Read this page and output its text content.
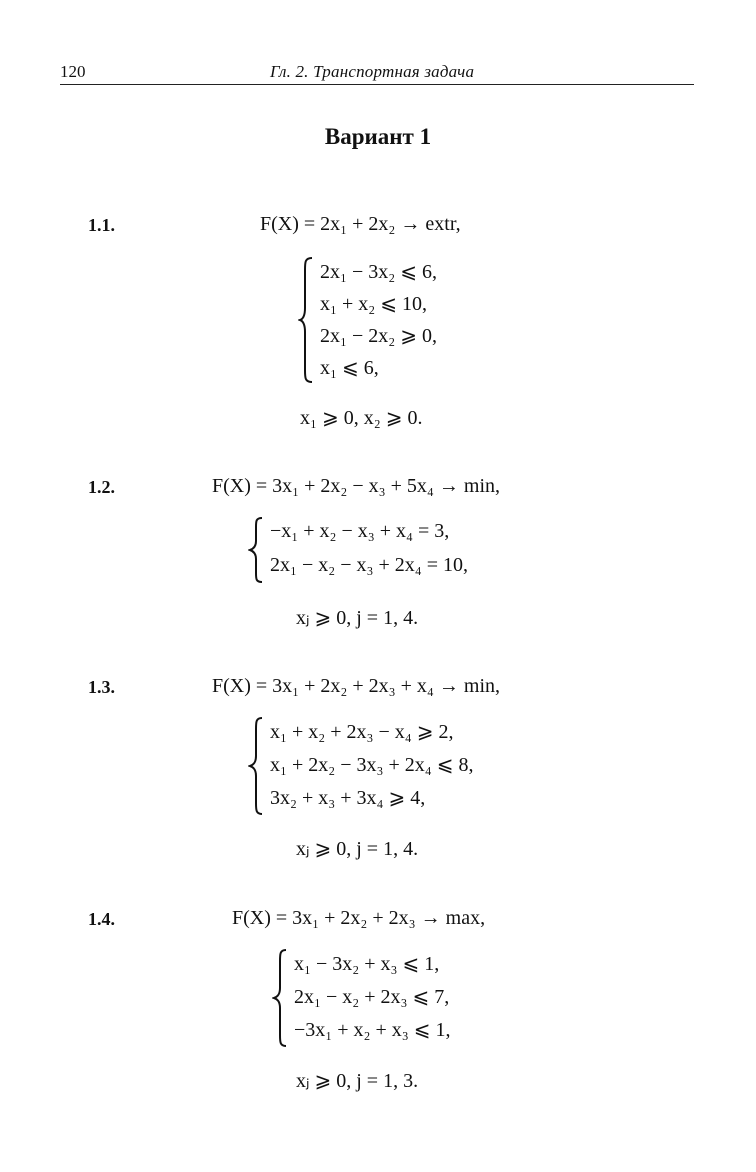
120	Гл. 2. Транспортная задача
Вариант 1
1.1.	F(X) = 2x₁ + 2x₂ → extr,
2x₁ − 3x₂ ⩽ 6,
x₁ + x₂ ⩽ 10,
2x₁ − 2x₂ ⩾ 0,
x₁ ⩽ 6,
x₁ ⩾ 0, x₂ ⩾ 0.
1.2.	F(X) = 3x₁ + 2x₂ − x₃ + 5x₄ → min,
−x₁ + x₂ − x₃ + x₄ = 3,
2x₁ − x₂ − x₃ + 2x₄ = 10,
xⱼ ⩾ 0, j = 1, 4.
1.3.	F(X) = 3x₁ + 2x₂ + 2x₃ + x₄ → min,
x₁ + x₂ + 2x₃ − x₄ ⩾ 2,
x₁ + 2x₂ − 3x₃ + 2x₄ ⩽ 8,
3x₂ + x₃ + 3x₄ ⩾ 4,
xⱼ ⩾ 0, j = 1, 4.
1.4.	F(X) = 3x₁ + 2x₂ + 2x₃ → max,
x₁ − 3x₂ + x₃ ⩽ 1,
2x₁ − x₂ + 2x₃ ⩽ 7,
−3x₁ + x₂ + x₃ ⩽ 1,
xⱼ ⩾ 0, j = 1, 3.
